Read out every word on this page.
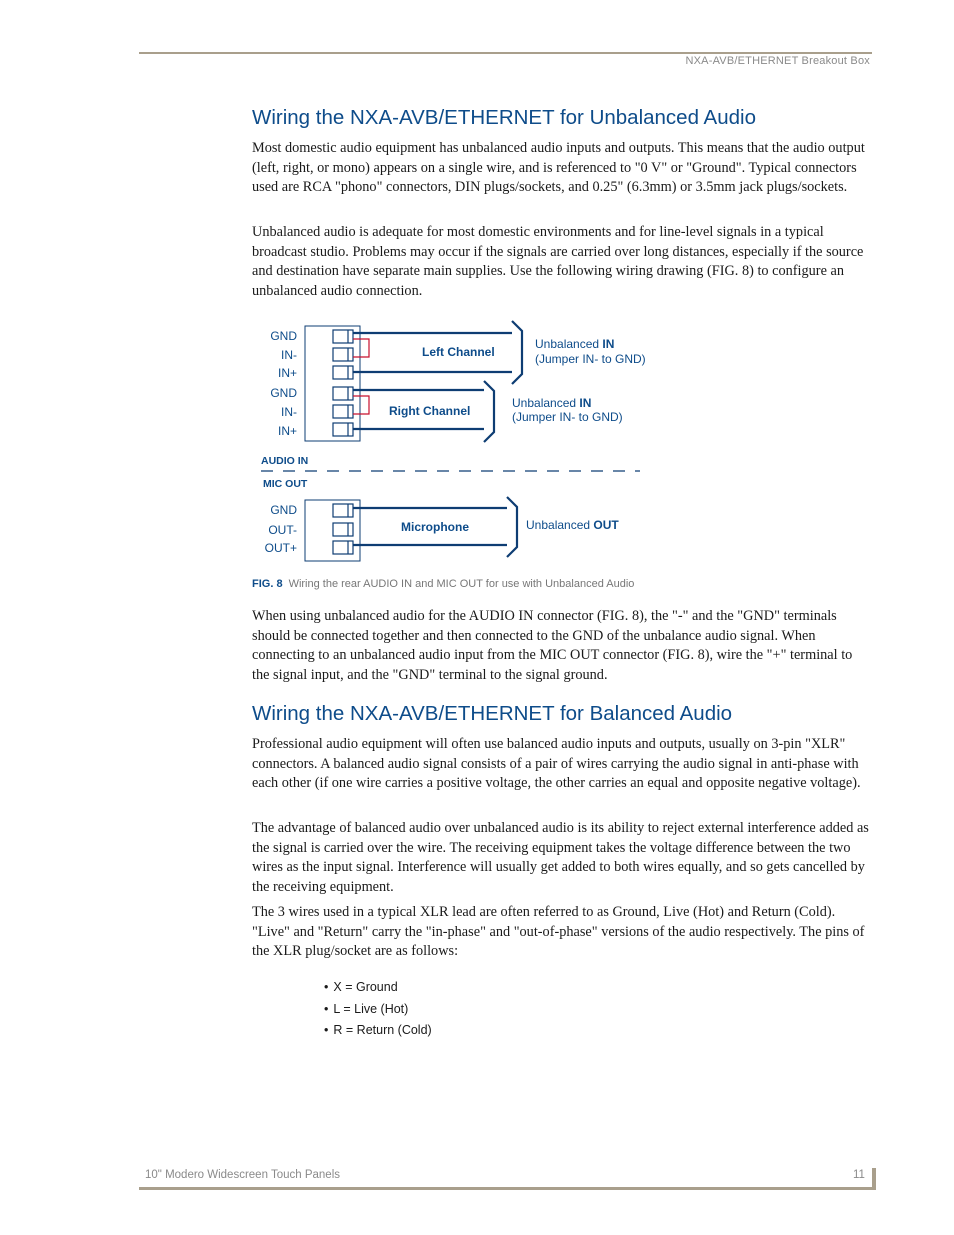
NXA-AVB/ETHERNET Breakout Box
Wiring the NXA-AVB/ETHERNET for Unbalanced Audio

Most domestic audio equipment has unbalanced audio inputs and outputs. This means that the audio output (left, right, or mono) appears on a single wire, and is referenced to "0 V" or "Ground". Typical connectors used are RCA "phono" connectors, DIN plugs/sockets, and 0.25" (6.3mm) or 3.5mm jack plugs/sockets.

Unbalanced audio is adequate for most domestic environments and for line-level signals in a typical broadcast studio. Problems may occur if the signals are carried over long distances, especially if the source and destination have separate main supplies. Use the following wiring drawing (FIG. 8) to configure an unbalanced audio connection.

GND
IN-
IN+
GND
IN-
IN+
Left Channel
Right Channel
Unbalanced IN
(Jumper IN- to GND)
Unbalanced IN
(Jumper IN- to GND)
AUDIO IN
MIC OUT
GND
OUT-
OUT+
Microphone	Unbalanced OUT
FIG. 8 Wiring the rear AUDIO IN and MIC OUT for use with Unbalanced Audio

When using unbalanced audio for the AUDIO IN connector (FIG. 8), the "-" and the "GND" terminals should be connected together and then connected to the GND of the unbalance audio signal. When connecting to an unbalanced audio input from the MIC OUT connector (FIG. 8), wire the "+" terminal to the signal input, and the "GND" terminal to the signal ground.

Wiring the NXA-AVB/ETHERNET for Balanced Audio

Professional audio equipment will often use balanced audio inputs and outputs, usually on 3-pin "XLR" connectors. A balanced audio signal consists of a pair of wires carrying the audio signal in anti-phase with each other (if one wire carries a positive voltage, the other carries an equal and opposite negative voltage).

The advantage of balanced audio over unbalanced audio is its ability to reject external interference added as the signal is carried over the wire. The receiving equipment takes the voltage difference between the two wires as the input signal. Interference will usually get added to both wires equally, and so gets cancelled by the receiving equipment.

The 3 wires used in a typical XLR lead are often referred to as Ground, Live (Hot) and Return (Cold). "Live" and "Return" carry the "in-phase" and "out-of-phase" versions of the audio respectively. The pins of the XLR plug/socket are as follows:

• X = Ground
• L = Live (Hot)
• R = Return (Cold)
10" Modero Widescreen Touch Panels	11
